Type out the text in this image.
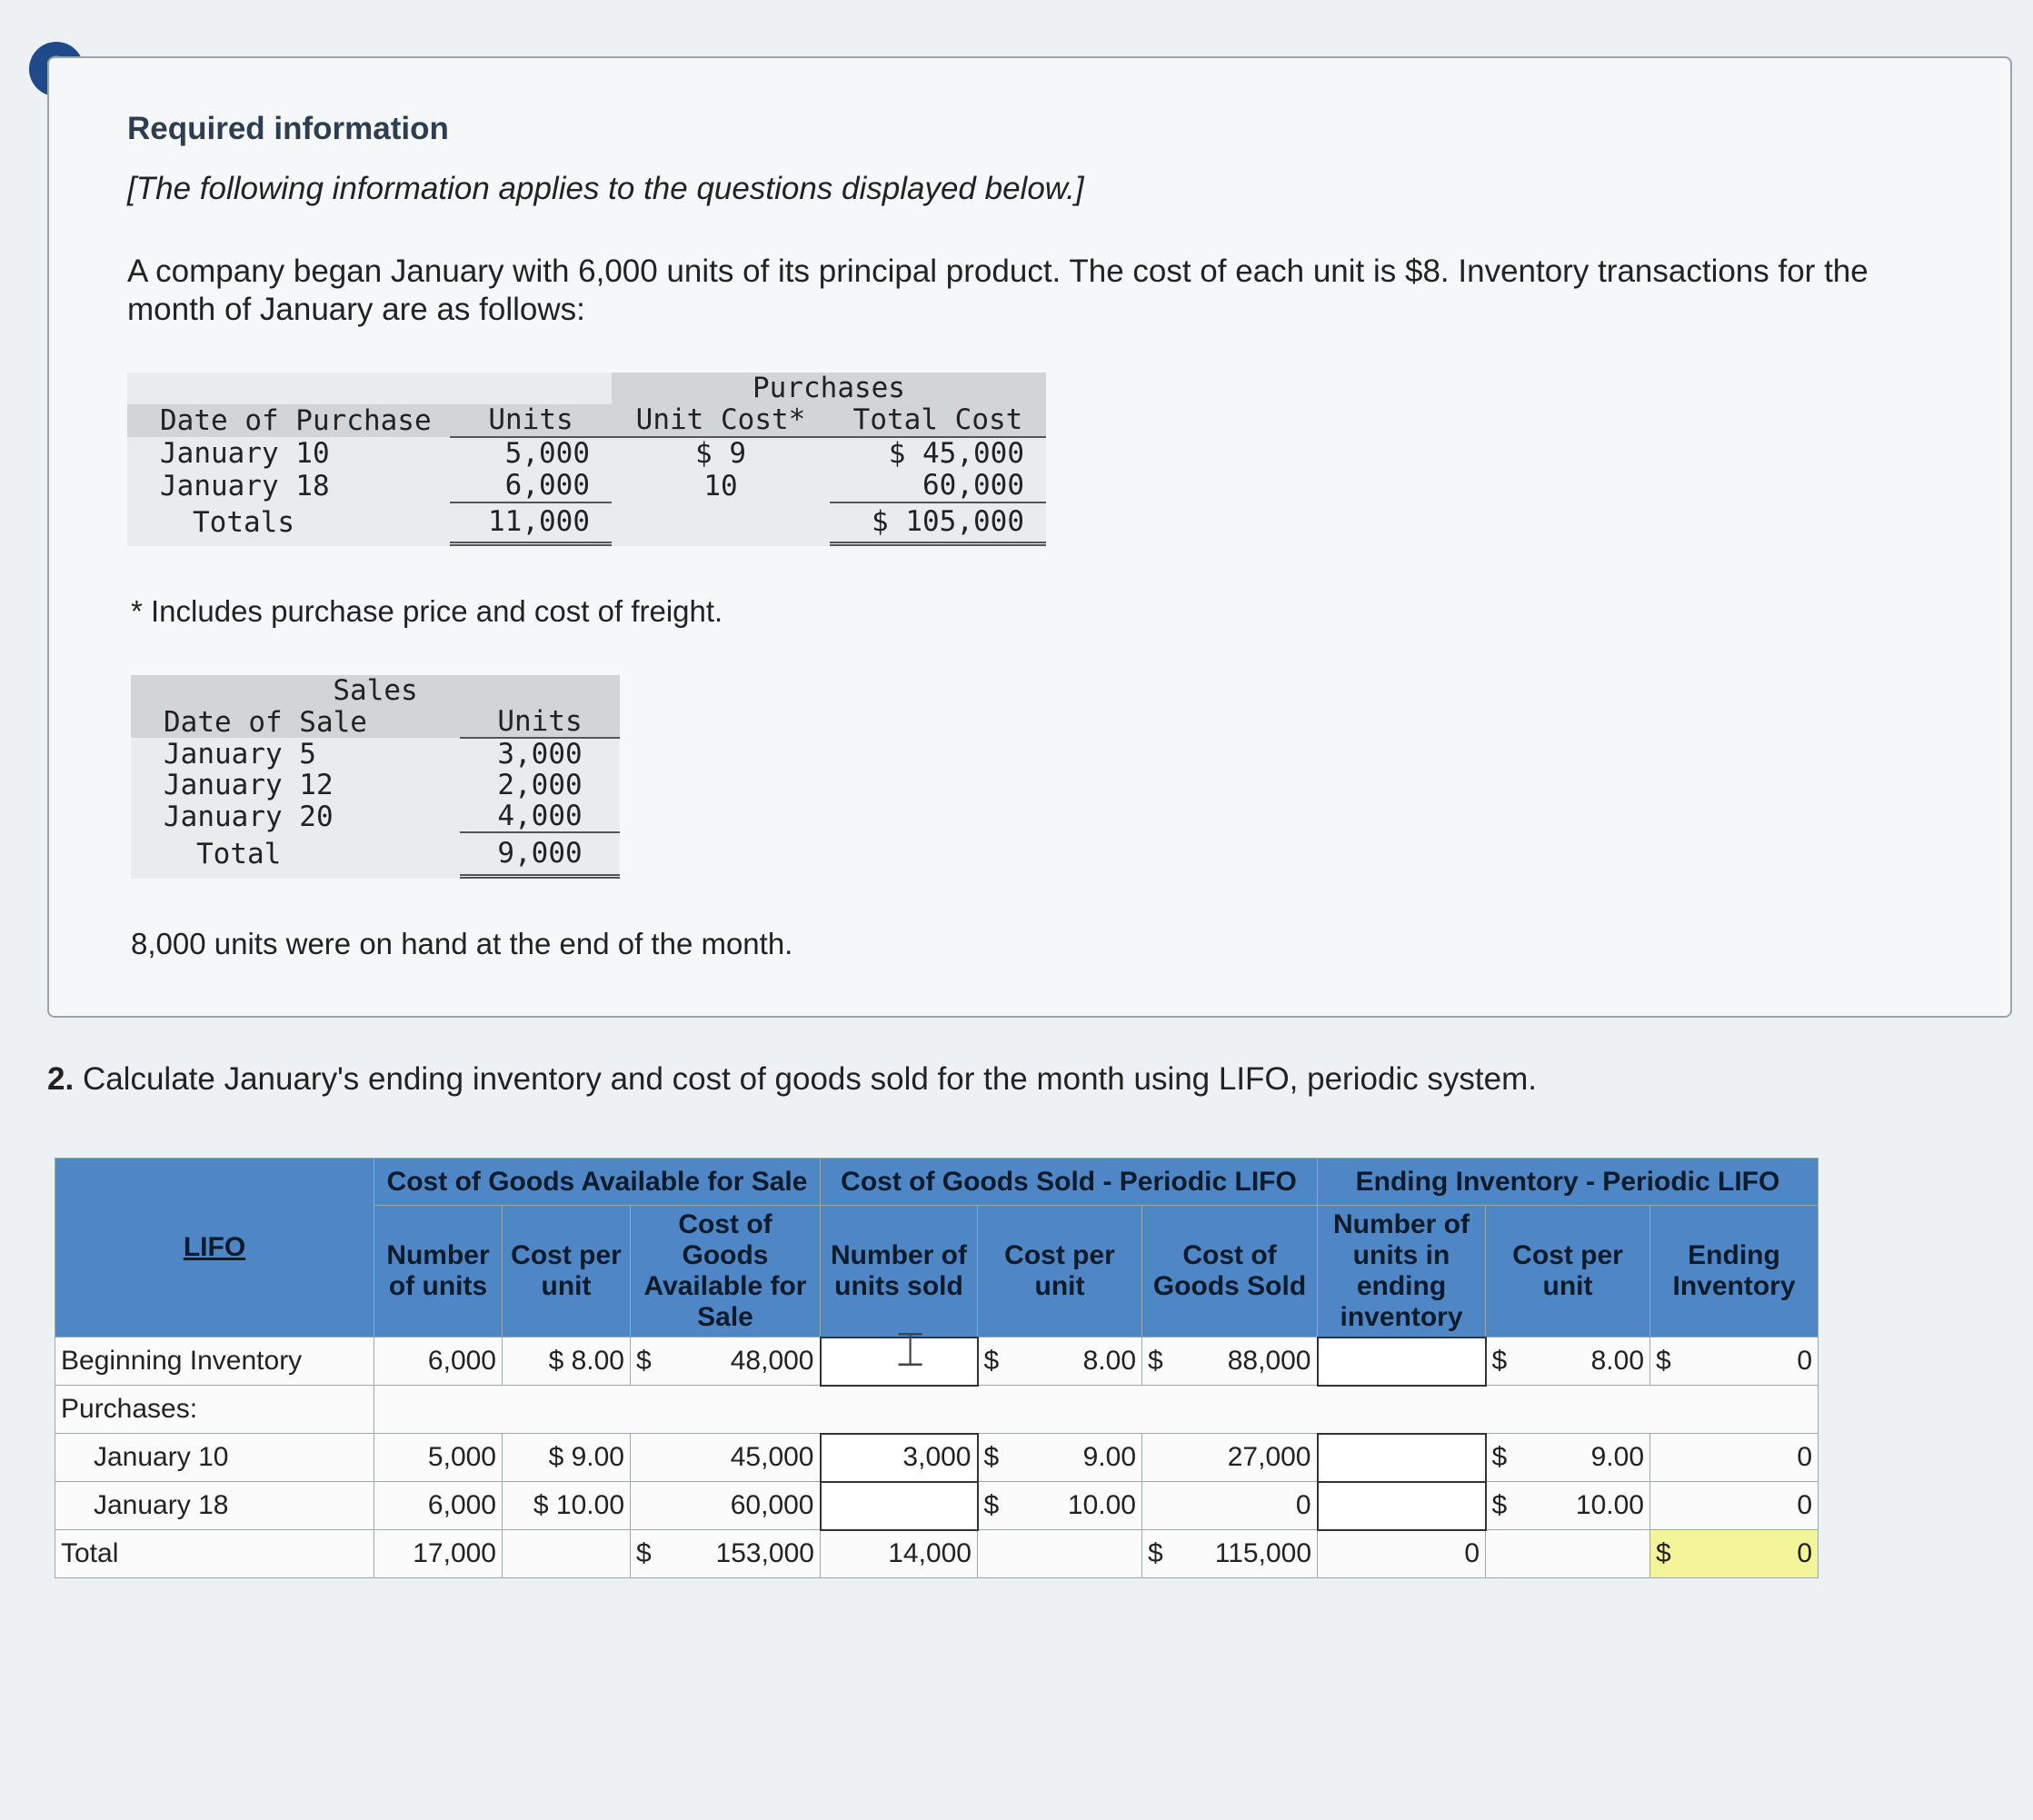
Required information
[The following information applies to the questions displayed below.]
A company began January with 6,000 units of its principal product. The cost of each unit is $8. Inventory transactions for the month of January are as follows:
		Purchases	
Date of Purchase	Units	Unit Cost*	Total Cost
January 10	5,000	$ 9	$ 45,000
January 18	6,000	10	60,000
Totals	11,000		$ 105,000
* Includes purchase price and cost of freight.
Sales	
Date of Sale	Units
January 5	3,000
January 12	2,000
January 20	4,000
Total	9,000
8,000 units were on hand at the end of the month.
2. Calculate January's ending inventory and cost of goods sold for the month using LIFO, periodic system.
LIFO	Cost of Goods Available for Sale			Cost of Goods Sold - Periodic LIFO			Ending Inventory - Periodic LIFO		
	Number of units	Cost per unit	Cost of Goods Available for Sale	Number of units sold	Cost per unit	Cost of Goods Sold	Number of units in ending inventory	Cost per unit	Ending Inventory
Beginning Inventory	6,000	$ 8.00	$ 48,000		$ 8.00	$ 88,000		$ 8.00	$ 0

Purchases:									
January 10	5,000	$ 9.00	45,000	3,000	$ 9.00	27,000		$ 9.00	0
January 18	6,000	$ 10.00	60,000		$ 10.00	0		$ 10.00	0
Total	17,000		$ 153,000	14,000		$ 115,000	0		$ 0
⌶
